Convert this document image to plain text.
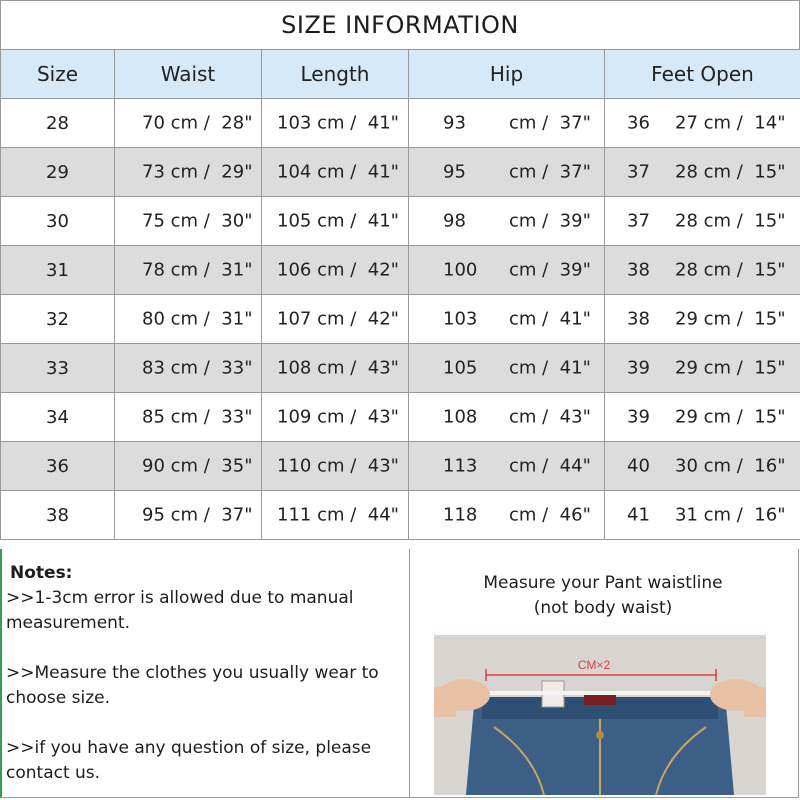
SIZE INFORMATION
Size	Waist	Length	Hip	Feet Open
28	70 cm /  28"	103 cm /  41"	93 cm /  37"	36 27 cm /  14"

29	73 cm /  29"	104 cm /  41"	95 cm /  37"	37 28 cm /  15"

30	75 cm /  30"	105 cm /  41"	98 cm /  39"	37 28 cm /  15"

31	78 cm /  31"	106 cm /  42"	100 cm /  39"	38 28 cm /  15"

32	80 cm /  31"	107 cm /  42"	103 cm /  41"	38 29 cm /  15"

33	83 cm /  33"	108 cm /  43"	105 cm /  41"	39 29 cm /  15"

34	85 cm /  33"	109 cm /  43"	108 cm /  43"	39 29 cm /  15"

36	90 cm /  35"	110 cm /  43"	113 cm /  44"	40 30 cm /  16"

38	95 cm /  37"	111 cm /  44"	118 cm /  46"	41 31 cm /  16"
Notes:
>>1-3cm error is allowed due to manual measurement.
>>Measure the clothes you usually wear to choose size.
>>if you have any question of size, please contact us.
Measure your Pant waistline
(not body waist)
CM×2
